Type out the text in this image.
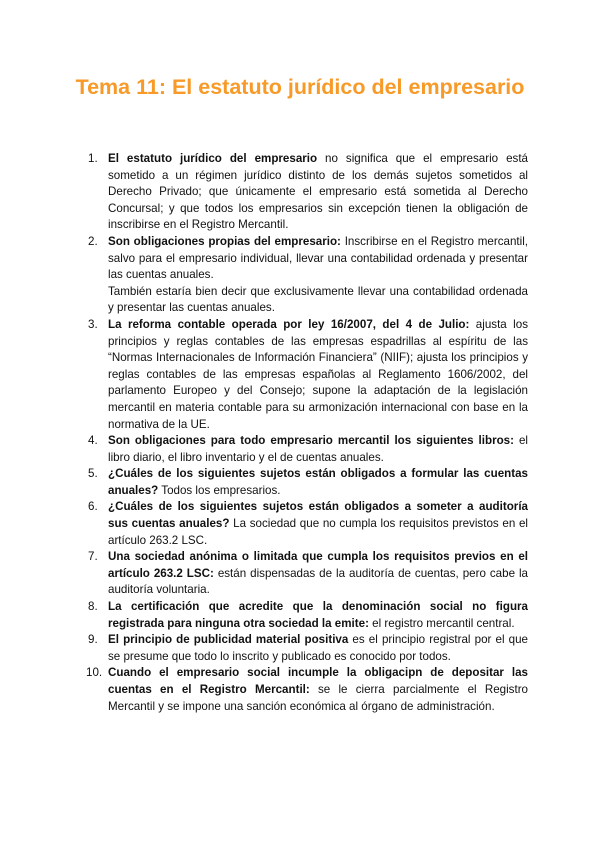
Tema 11: El estatuto jurídico del empresario
1. El estatuto jurídico del empresario no significa que el empresario está sometido a un régimen jurídico distinto de los demás sujetos sometidos al Derecho Privado; que únicamente el empresario está sometida al Derecho Concursal; y que todos los empresarios sin excepción tienen la obligación de inscribirse en el Registro Mercantil.
2. Son obligaciones propias del empresario: Inscribirse en el Registro mercantil, salvo para el empresario individual, llevar una contabilidad ordenada y presentar las cuentas anuales.
También estaría bien decir que exclusivamente llevar una contabilidad ordenada y presentar las cuentas anuales.
3. La reforma contable operada por ley 16/2007, del 4 de Julio: ajusta los principios y reglas contables de las empresas espadrillas al espíritu de las “Normas Internacionales de Información Financiera” (NIIF); ajusta los principios y reglas contables de las empresas españolas al Reglamento 1606/2002, del parlamento Europeo y del Consejo; supone la adaptación de la legislación mercantil en materia contable para su armonización internacional con base en la normativa de la UE.
4. Son obligaciones para todo empresario mercantil los siguientes libros: el libro diario, el libro inventario y el de cuentas anuales.
5. ¿Cuáles de los siguientes sujetos están obligados a formular las cuentas anuales? Todos los empresarios.
6. ¿Cuáles de los siguientes sujetos están obligados a someter a auditoría sus cuentas anuales? La sociedad que no cumpla los requisitos previstos en el artículo 263.2 LSC.
7. Una sociedad anónima o limitada que cumpla los requisitos previos en el artículo 263.2 LSC: están dispensadas de la auditoría de cuentas, pero cabe la auditoría voluntaria.
8. La certificación que acredite que la denominación social no figura registrada para ninguna otra sociedad la emite: el registro mercantil central.
9. El principio de publicidad material positiva es el principio registral por el que se presume que todo lo inscrito y publicado es conocido por todos.
10. Cuando el empresario social incumple la obligacipn de depositar las cuentas en el Registro Mercantil: se le cierra parcialmente el Registro Mercantil y se impone una sanción económica al órgano de administración.
